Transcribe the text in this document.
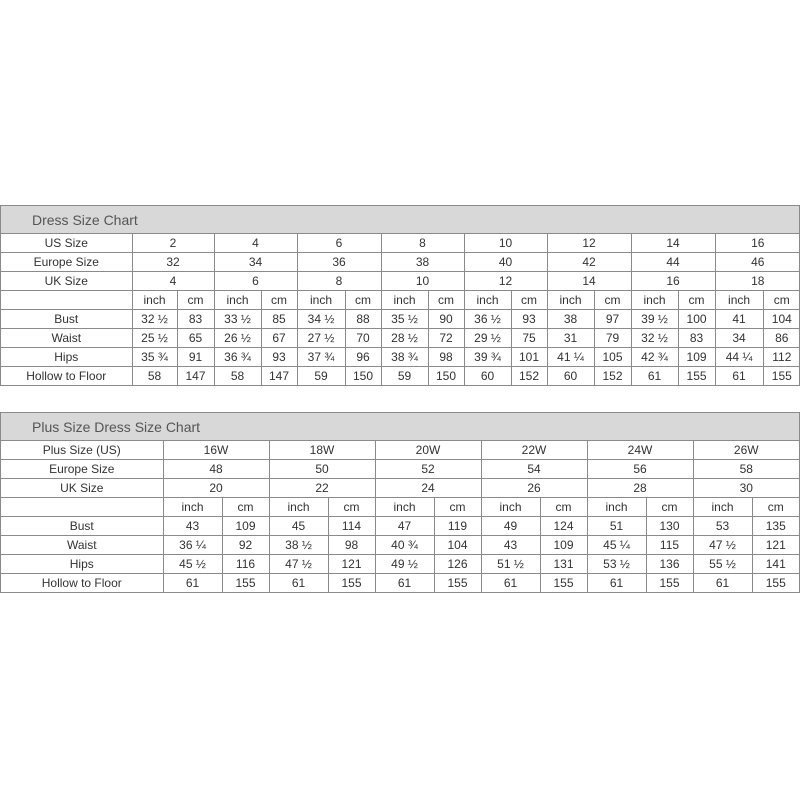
Dress Size Chart
US Size	2		4		6		8		10		12		14		16	
Europe Size	32		34		36		38		40		42		44		46	
UK Size	4		6		8		10		12		14		16		18	
	inch	cm	inch	cm	inch	cm	inch	cm	inch	cm	inch	cm	inch	cm	inch	cm
Bust	32 ½	83	33 ½	85	34 ½	88	35 ½	90	36 ½	93	38	97	39 ½	100	41	104
Waist	25 ½	65	26 ½	67	27 ½	70	28 ½	72	29 ½	75	31	79	32 ½	83	34	86
Hips	35 ¾	91	36 ¾	93	37 ¾	96	38 ¾	98	39 ¾	101	41 ¼	105	42 ¾	109	44 ¼	112
Hollow to Floor	58	147	58	147	59	150	59	150	60	152	60	152	61	155	61	155
Plus Size Dress Size Chart
Plus Size (US)	16W		18W		20W		22W		24W		26W	
Europe Size	48		50		52		54		56		58	
UK Size	20		22		24		26		28		30	
	inch	cm	inch	cm	inch	cm	inch	cm	inch	cm	inch	cm
Bust	43	109	45	114	47	119	49	124	51	130	53	135
Waist	36 ¼	92	38 ½	98	40 ¾	104	43	109	45 ¼	115	47 ½	121
Hips	45 ½	116	47 ½	121	49 ½	126	51 ½	131	53 ½	136	55 ½	141
Hollow to Floor	61	155	61	155	61	155	61	155	61	155	61	155
